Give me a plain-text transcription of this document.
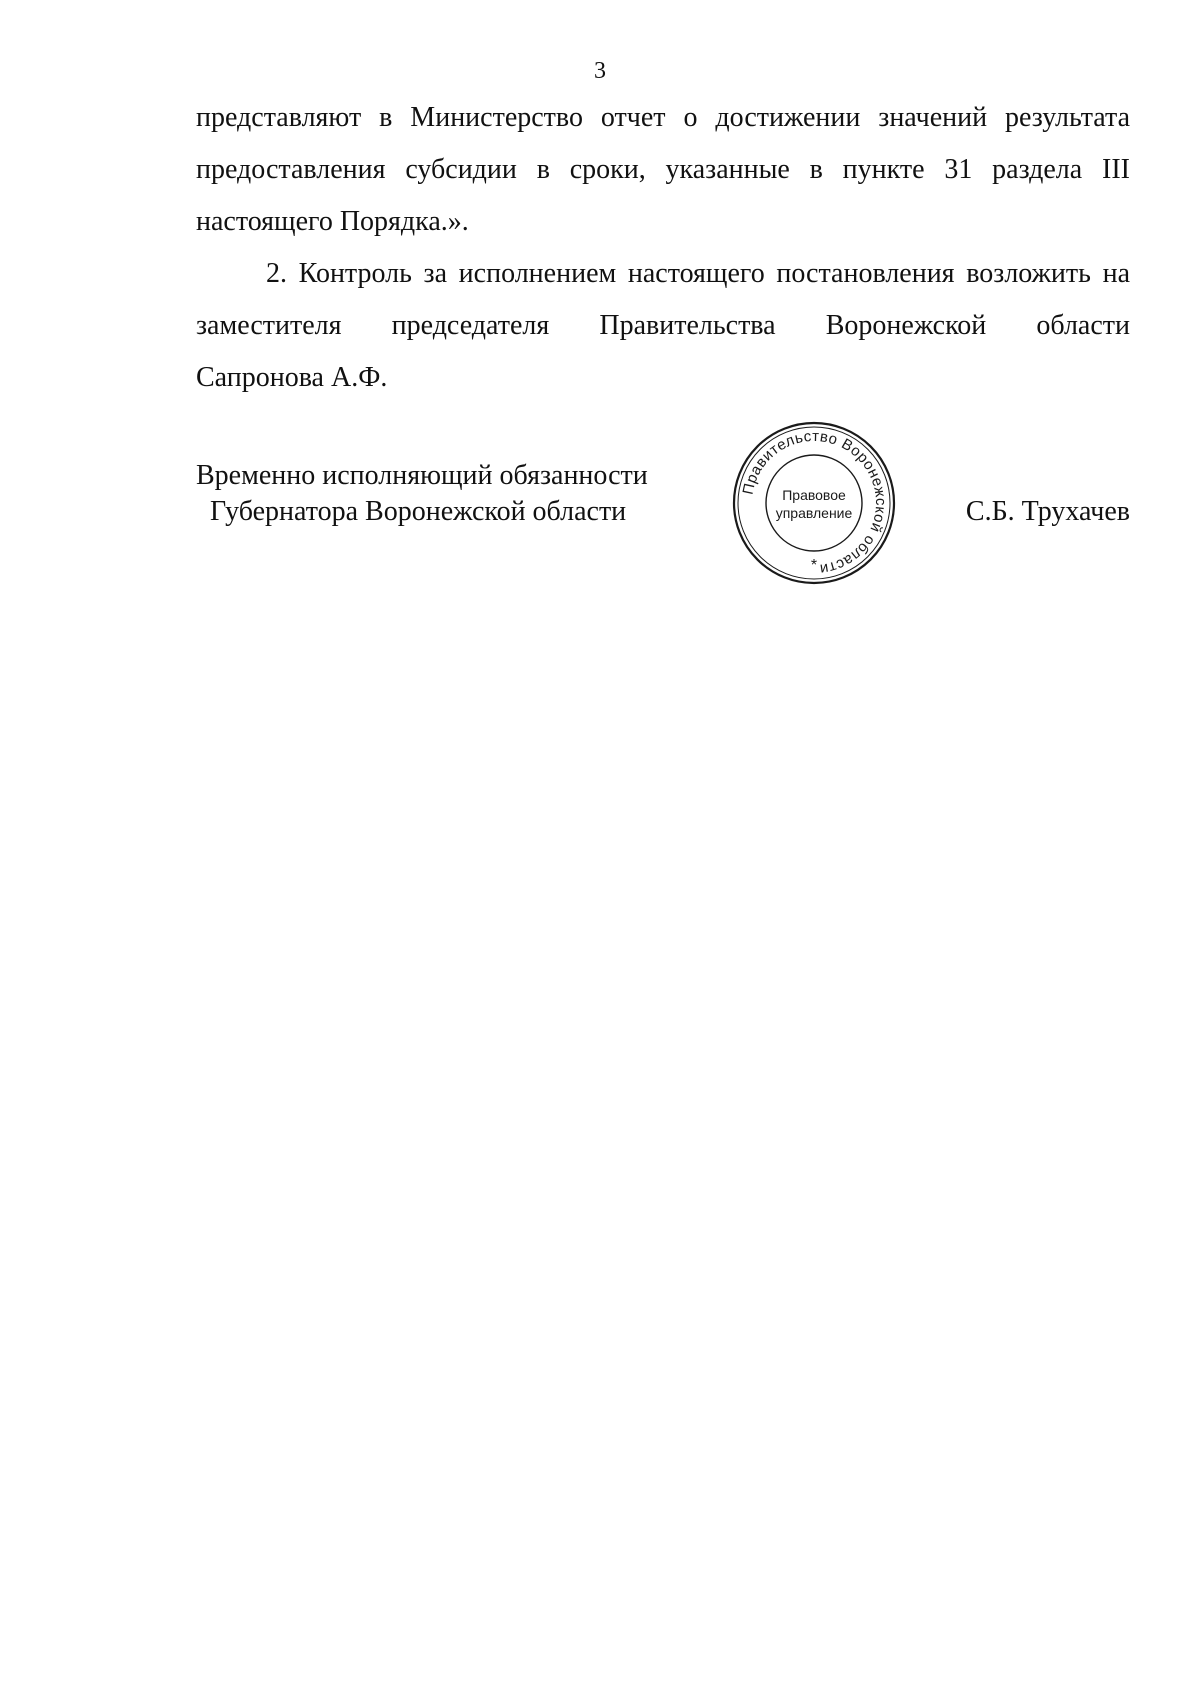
3

представляют в Министерство отчет о достижении значений результата
предоставления субсидии в сроки, указанные в пункте 31 раздела III
настоящего Порядка.».

2. Контроль за исполнением настоящего постановления возложить на
заместителя председателя Правительства Воронежской области
Сапронова А.Ф.

Временно исполняющий обязанности
Губернатора Воронежской области
Правительство Воронежской области
Правовое
управление
*
С.Б. Трухачев
